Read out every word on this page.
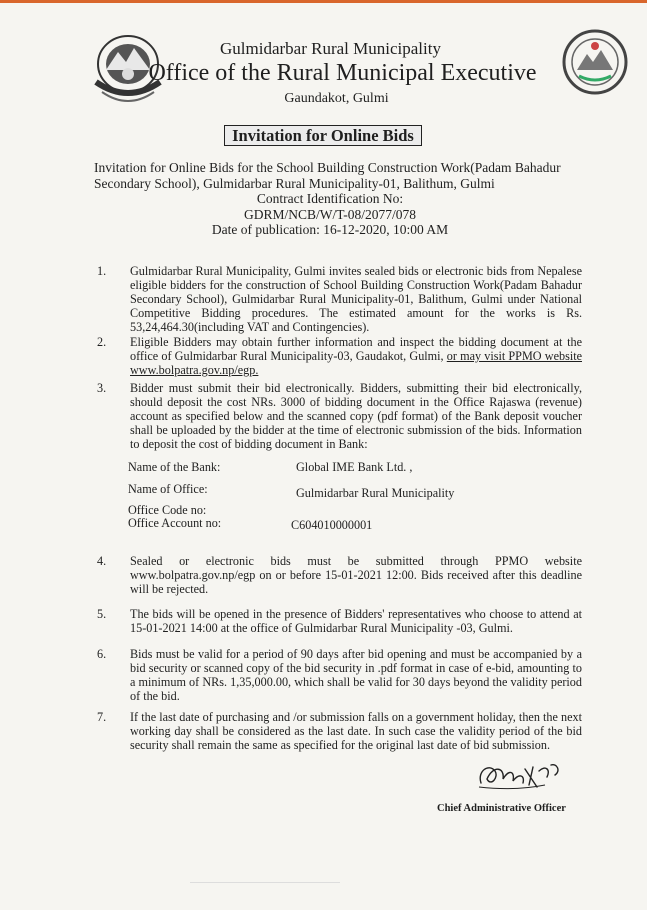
Gulmidarbar Rural Municipality
Office of the Rural Municipal Executive
Gaundakot, Gulmi
Invitation for Online Bids
Invitation for Online Bids for the School Building Construction Work(Padam Bahadur Secondary School), Gulmidarbar Rural Municipality-01, Balithum, Gulmi
Contract Identification No:
GDRM/NCB/W/T-08/2077/078
Date of publication: 16-12-2020, 10:00 AM
1. Gulmidarbar Rural Municipality, Gulmi invites sealed bids or electronic bids from Nepalese eligible bidders for the construction of School Building Construction Work(Padam Bahadur Secondary School), Gulmidarbar Rural Municipality-01, Balithum, Gulmi under National Competitive Bidding procedures. The estimated amount for the works is Rs. 53,24,464.30(including VAT and Contingencies).
2. Eligible Bidders may obtain further information and inspect the bidding document at the office of Gulmidarbar Rural Municipality-03, Gaudakot, Gulmi, or may visit PPMO website www.bolpatra.gov.np/egp.
3. Bidder must submit their bid electronically. Bidders, submitting their bid electronically, should deposit the cost NRs. 3000 of bidding document in the Office Rajaswa (revenue) account as specified below and the scanned copy (pdf format) of the Bank deposit voucher shall be uploaded by the bidder at the time of electronic submission of the bids. Information to deposit the cost of bidding document in Bank:
Name of the Bank:	Global IME Bank Ltd. ,
Name of Office:	Gulmidarbar Rural Municipality
Office Code no:
Office Account no:	C604010000001
4. Sealed or electronic bids must be submitted through PPMO website www.bolpatra.gov.np/egp on or before 15-01-2021 12:00. Bids received after this deadline will be rejected.
5. The bids will be opened in the presence of Bidders' representatives who choose to attend at 15-01-2021 14:00 at the office of Gulmidarbar Rural Municipality -03, Gulmi.
6. Bids must be valid for a period of 90 days after bid opening and must be accompanied by a bid security or scanned copy of the bid security in .pdf format in case of e-bid, amounting to a minimum of NRs. 1,35,000.00, which shall be valid for 30 days beyond the validity period of the bid.
7. If the last date of purchasing and /or submission falls on a government holiday, then the next working day shall be considered as the last date. In such case the validity period of the bid security shall remain the same as specified for the original last date of bid submission.
Chief Administrative Officer
